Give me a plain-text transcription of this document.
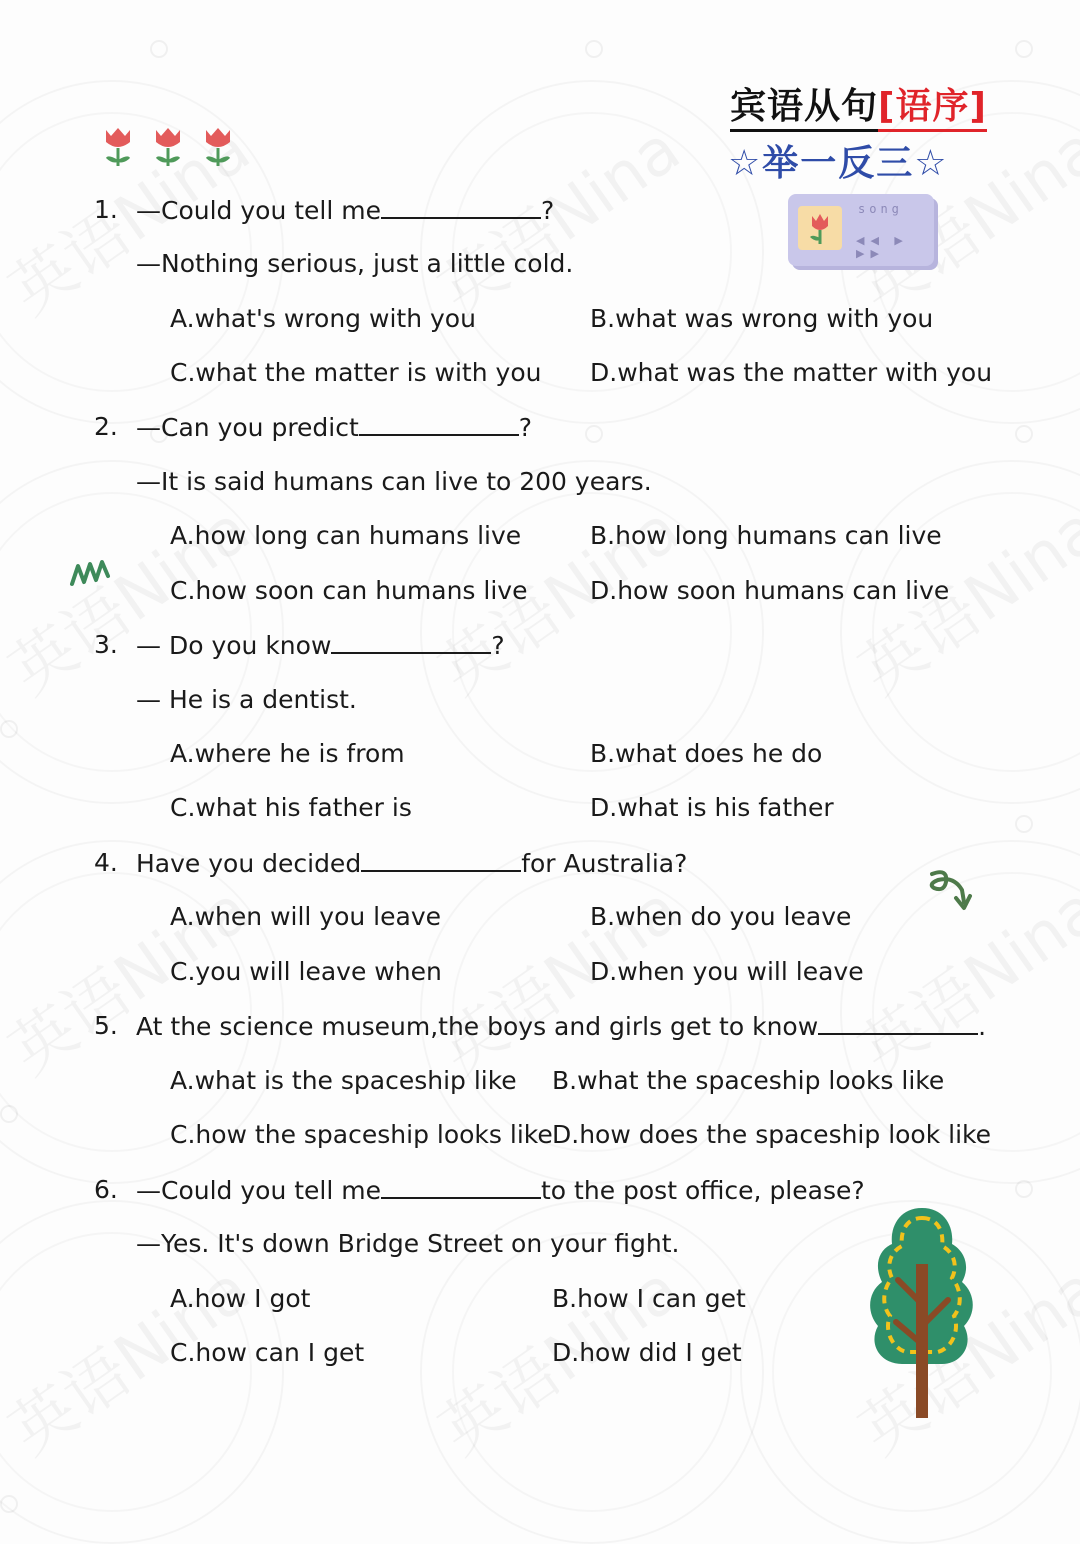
宾语从句[语序]
☆举一反三☆
song
◀◀ ▶ ▶▶
1. —Could you tell me	?
—Nothing serious, just a little cold.
A.what's wrong with you	B.what was wrong with you
C.what the matter is with you D.what was the matter with you
2. —Can you predict	?
—It is said humans can live to 200 years.
A.how long can humans live	B.how long humans can live
C.how soon can humans live	D.how soon humans can live
3. — Do you know	?
— He is a dentist.
A.where he is from	B.what does he do
C.what his father is	D.what is his father
4. Have you decided	for Australia?
A.when will you leave	B.when do you leave
C.you will leave when	D.when you will leave
5. At the science museum,the boys and girls get to know	.
A.what is the spaceship like B.what the spaceship looks like
C.how the spaceship looks like D.how does the spaceship look like
6. —Could you tell me	to the post office, please?
—Yes. It's down Bridge Street on your fight.
A.how I got	B.how I can get
C.how can I get	D.how did I get
